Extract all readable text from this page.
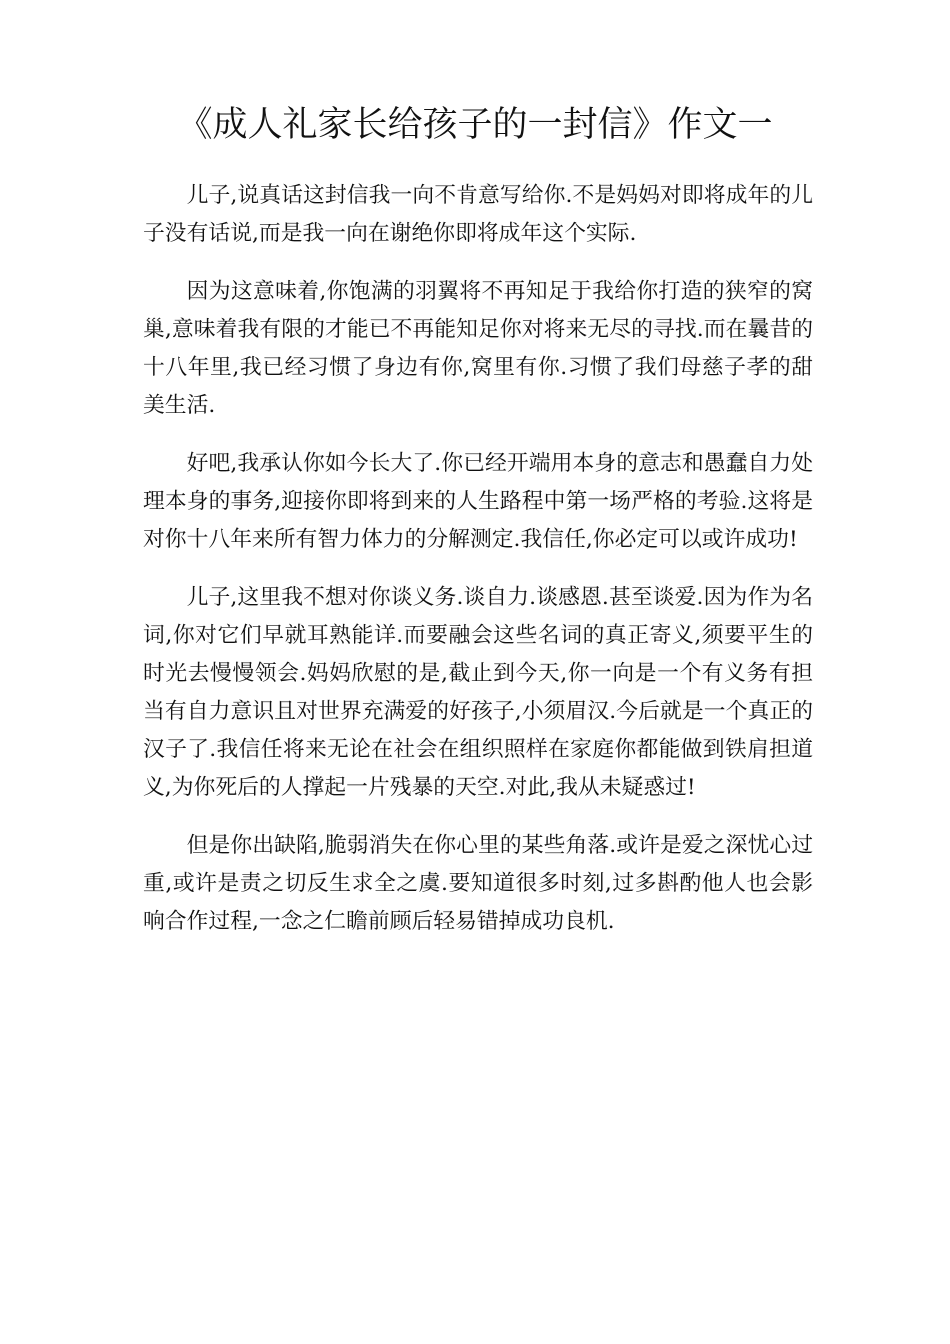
《成人礼家长给孩子的一封信》作文一

儿子,说真话这封信我一向不肯意写给你.不是妈妈对即将成年的儿子没有话说,而是我一向在谢绝你即将成年这个实际.

因为这意味着,你饱满的羽翼将不再知足于我给你打造的狭窄的窝巢,意味着我有限的才能已不再能知足你对将来无尽的寻找.而在曩昔的十八年里,我已经习惯了身边有你,窝里有你.习惯了我们母慈子孝的甜美生活.

好吧,我承认你如今长大了.你已经开端用本身的意志和愚蠢自力处理本身的事务,迎接你即将到来的人生路程中第一场严格的考验.这将是对你十八年来所有智力体力的分解测定.我信任,你必定可以或许成功!

儿子,这里我不想对你谈义务.谈自力.谈感恩.甚至谈爱.因为作为名词,你对它们早就耳熟能详.而要融会这些名词的真正寄义,须要平生的时光去慢慢领会.妈妈欣慰的是,截止到今天,你一向是一个有义务有担当有自力意识且对世界充满爱的好孩子,小须眉汉.今后就是一个真正的汉子了.我信任将来无论在社会在组织照样在家庭你都能做到铁肩担道义,为你死后的人撑起一片残暴的天空.对此,我从未疑惑过!

但是你出缺陷,脆弱消失在你心里的某些角落.或许是爱之深忧心过重,或许是责之切反生求全之虞.要知道很多时刻,过多斟酌他人也会影响合作过程,一念之仁瞻前顾后轻易错掉成功良机.
